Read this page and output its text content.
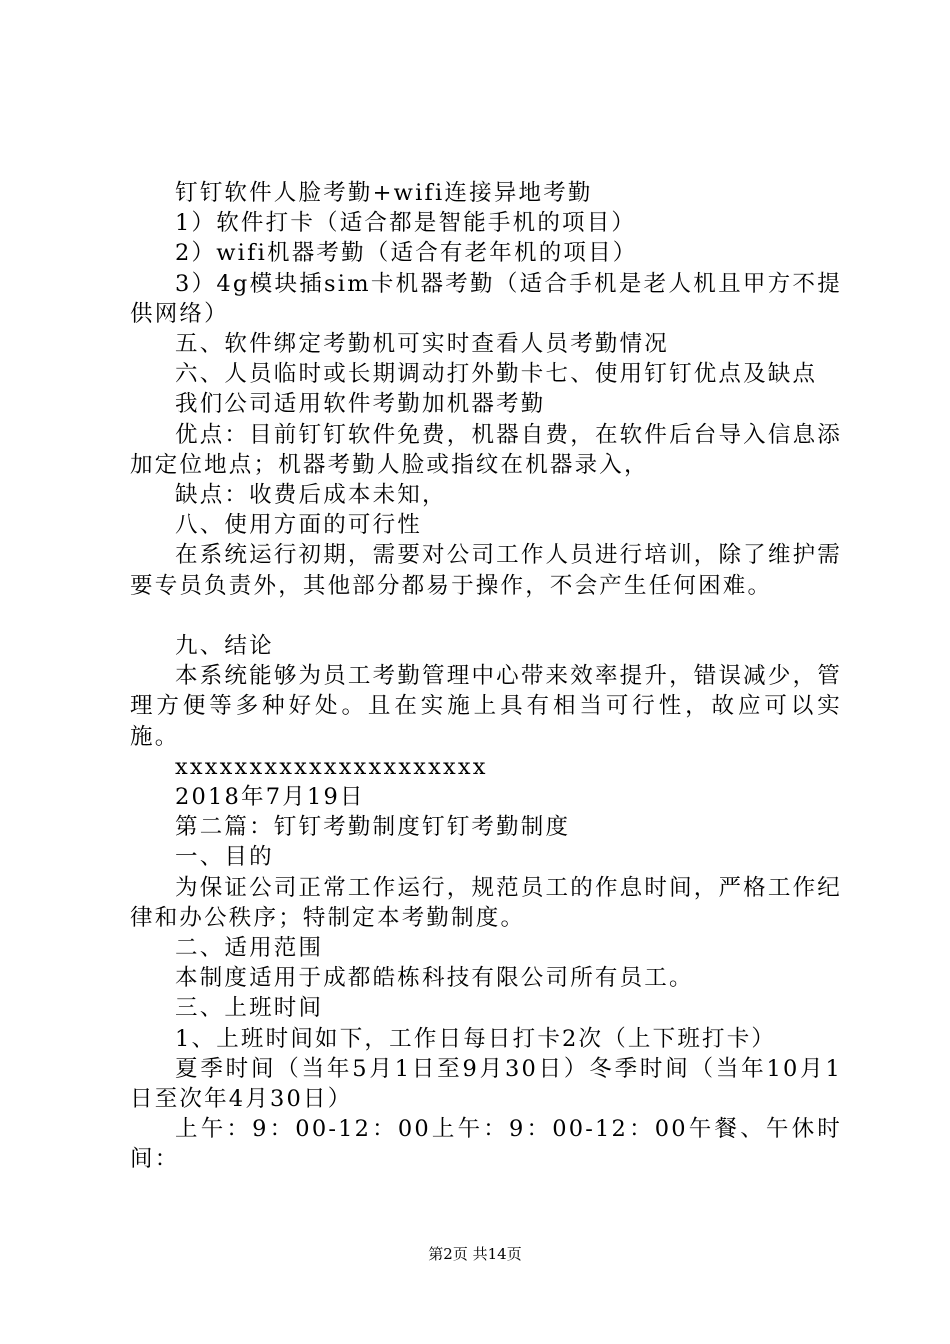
钉钉软件人脸考勤+wifi连接异地考勤

1）软件打卡（适合都是智能手机的项目）

2）wifi机器考勤（适合有老年机的项目）

3）4g模块插sim卡机器考勤（适合手机是老人机且甲方不提供网络）

五、软件绑定考勤机可实时查看人员考勤情况

六、人员临时或长期调动打外勤卡七、使用钉钉优点及缺点

我们公司适用软件考勤加机器考勤

优点：目前钉钉软件免费，机器自费，在软件后台导入信息添加定位地点；机器考勤人脸或指纹在机器录入，

缺点：收费后成本未知，

八、使用方面的可行性

在系统运行初期，需要对公司工作人员进行培训，除了维护需要专员负责外，其他部分都易于操作，不会产生任何困难。

九、结论

本系统能够为员工考勤管理中心带来效率提升，错误减少，管理方便等多种好处。且在实施上具有相当可行性，故应可以实施。

xxxxxxxxxxxxxxxxxxxxx

2018年7月19日

第二篇：钉钉考勤制度钉钉考勤制度

一、目的

为保证公司正常工作运行，规范员工的作息时间，严格工作纪律和办公秩序；特制定本考勤制度。

二、适用范围

本制度适用于成都皓栋科技有限公司所有员工。

三、上班时间

1、上班时间如下，工作日每日打卡2次（上下班打卡）

夏季时间（当年5月1日至9月30日）冬季时间（当年10月1日至次年4月30日）

上午：9：00-12：00上午：9：00-12：00午餐、午休时间：

第2页 共14页
